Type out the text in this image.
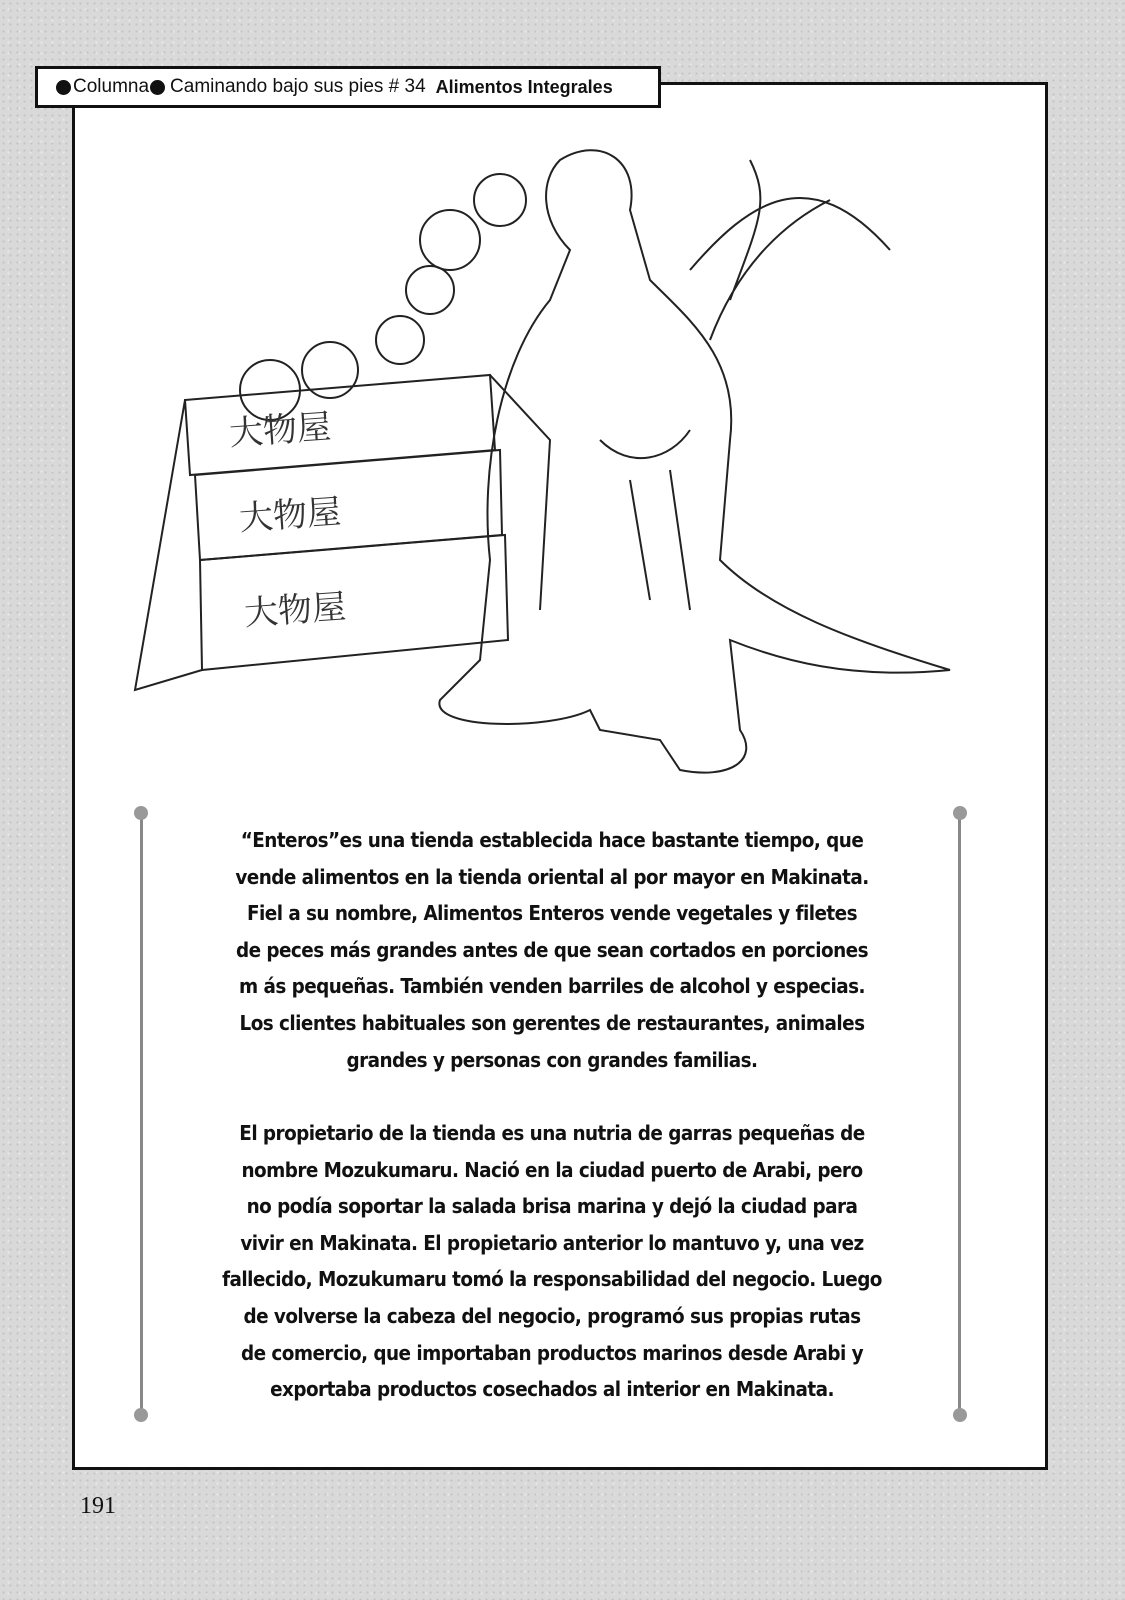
Columna Caminando bajo sus pies # 34 Alimentos Integrales
大物屋
大物屋
大物屋
“Enteros”es una tienda establecida hace bastante tiempo, que
vende alimentos en la tienda oriental al por mayor en Makinata.
Fiel a su nombre, Alimentos Enteros vende vegetales y filetes
de peces más grandes antes de que sean cortados en porciones
m ás pequeñas. También venden barriles de alcohol y especias.
Los clientes habituales son gerentes de restaurantes, animales
grandes y personas con grandes familias.
El propietario de la tienda es una nutria de garras pequeñas de
nombre Mozukumaru. Nació en la ciudad puerto de Arabi, pero
no podía soportar la salada brisa marina y dejó la ciudad para
vivir en Makinata. El propietario anterior lo mantuvo y, una vez
fallecido, Mozukumaru tomó la responsabilidad del negocio. Luego
de volverse la cabeza del negocio, programó sus propias rutas
de comercio, que importaban productos marinos desde Arabi y
exportaba productos cosechados al interior en Makinata.
191
